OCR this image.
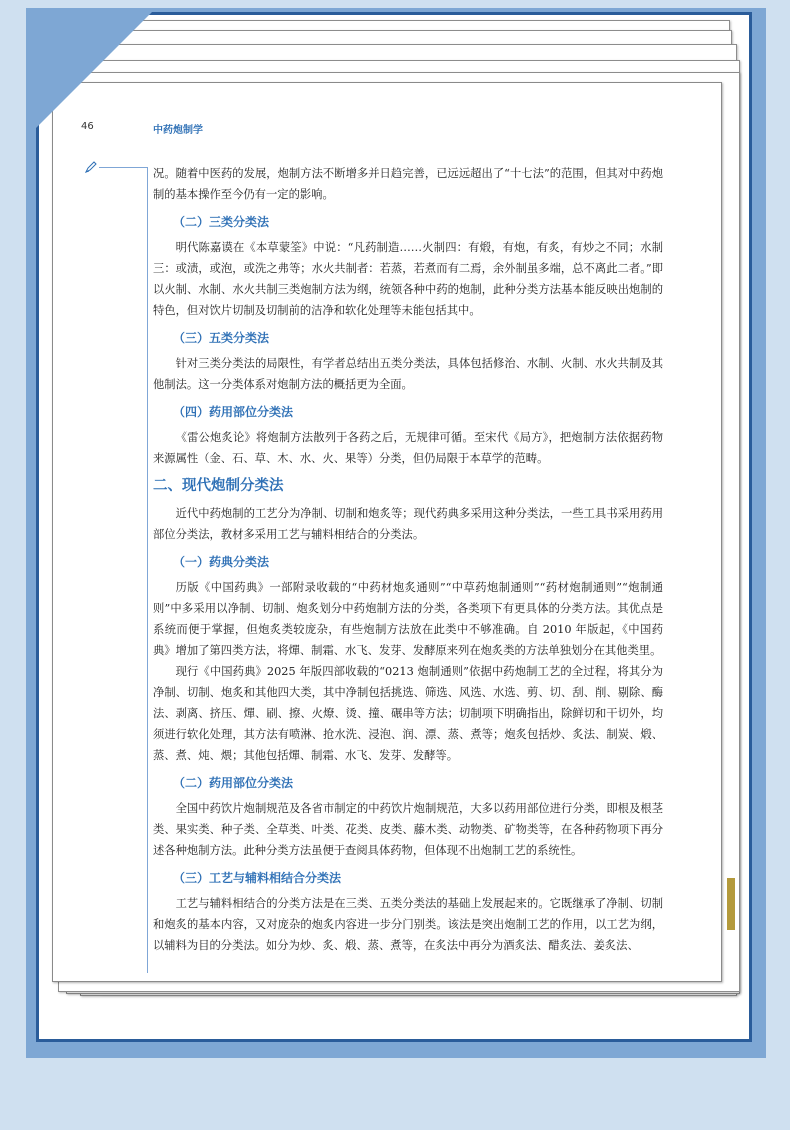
46	中药炮制学

况。随着中医药的发展，炮制方法不断增多并日趋完善，已远远超出了“十七法”的范围，但其对中药炮制的基本操作至今仍有一定的影响。

（二）三类分类法

明代陈嘉谟在《本草蒙筌》中说：“凡药制造……火制四：有煅，有炮，有炙，有炒之不同；水制三：或渍，或泡，或洗之弗等；水火共制者：若蒸，若煮而有二焉，余外制虽多端，总不离此二者。”即以火制、水制、水火共制三类炮制方法为纲，统领各种中药的炮制，此种分类方法基本能反映出炮制的特色，但对饮片切制及切制前的洁净和软化处理等未能包括其中。

（三）五类分类法

针对三类分类法的局限性，有学者总结出五类分类法，具体包括修治、水制、火制、水火共制及其他制法。这一分类体系对炮制方法的概括更为全面。

（四）药用部位分类法

《雷公炮炙论》将炮制方法散列于各药之后，无规律可循。至宋代《局方》，把炮制方法依据药物来源属性（金、石、草、木、水、火、果等）分类，但仍局限于本草学的范畴。

二、现代炮制分类法

近代中药炮制的工艺分为净制、切制和炮炙等；现代药典多采用这种分类法，一些工具书采用药用部位分类法，教材多采用工艺与辅料相结合的分类法。

（一）药典分类法

历版《中国药典》一部附录收载的“中药材炮炙通则”“中草药炮制通则”“药材炮制通则”“炮制通则”中多采用以净制、切制、炮炙划分中药炮制方法的分类，各类项下有更具体的分类方法。其优点是系统而便于掌握，但炮炙类较庞杂，有些炮制方法放在此类中不够准确。自 2010 年版起，《中国药典》增加了第四类方法，将燀、制霜、水飞、发芽、发酵原来列在炮炙类的方法单独划分在其他类里。

现行《中国药典》2025 年版四部收载的“0213 炮制通则”依据中药炮制工艺的全过程，将其分为净制、切制、炮炙和其他四大类，其中净制包括挑选、筛选、风选、水选、剪、切、刮、削、剔除、酶法、剥离、挤压、燀、刷、擦、火燎、烫、撞、碾串等方法；切制项下明确指出，除鲜切和干切外，均须进行软化处理，其方法有喷淋、抢水洗、浸泡、润、漂、蒸、煮等；炮炙包括炒、炙法、制炭、煅、蒸、煮、炖、煨；其他包括燀、制霜、水飞、发芽、发酵等。

（二）药用部位分类法

全国中药饮片炮制规范及各省市制定的中药饮片炮制规范，大多以药用部位进行分类，即根及根茎类、果实类、种子类、全草类、叶类、花类、皮类、藤木类、动物类、矿物类等，在各种药物项下再分述各种炮制方法。此种分类方法虽便于查阅具体药物，但体现不出炮制工艺的系统性。

（三）工艺与辅料相结合分类法

工艺与辅料相结合的分类方法是在三类、五类分类法的基础上发展起来的。它既继承了净制、切制和炮炙的基本内容，又对庞杂的炮炙内容进一步分门别类。该法是突出炮制工艺的作用，以工艺为纲，以辅料为目的分类法。如分为炒、炙、煅、蒸、煮等，在炙法中再分为酒炙法、醋炙法、姜炙法、
